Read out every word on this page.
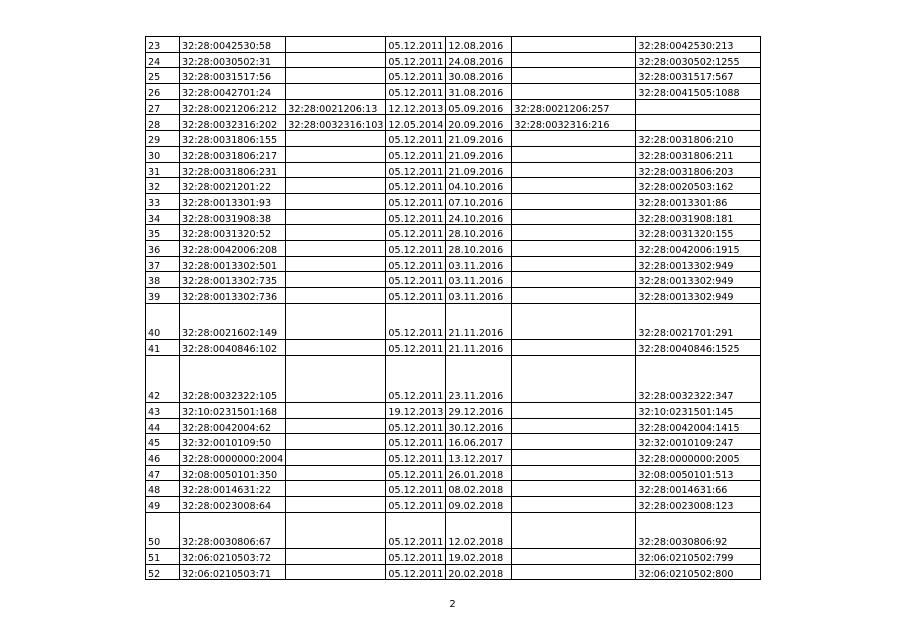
23	32:28:0042530:58		05.12.2011	12.08.2016		32:28:0042530:213
24	32:28:0030502:31		05.12.2011	24.08.2016		32:28:0030502:1255
25	32:28:0031517:56		05.12.2011	30.08.2016		32:28:0031517:567
26	32:28:0042701:24		05.12.2011	31.08.2016		32:28:0041505:1088
27	32:28:0021206:212	32:28:0021206:13	12.12.2013	05.09.2016	32:28:0021206:257	
28	32:28:0032316:202	32:28:0032316:103	12.05.2014	20.09.2016	32:28:0032316:216	
29	32:28:0031806:155		05.12.2011	21.09.2016		32:28:0031806:210
30	32:28:0031806:217		05.12.2011	21.09.2016		32:28:0031806:211
31	32:28:0031806:231		05.12.2011	21.09.2016		32:28:0031806:203
32	32:28:0021201:22		05.12.2011	04.10.2016		32:28:0020503:162
33	32:28:0013301:93		05.12.2011	07.10.2016		32:28:0013301:86
34	32:28:0031908:38		05.12.2011	24.10.2016		32:28:0031908:181
35	32:28:0031320:52		05.12.2011	28.10.2016		32:28:0031320:155
36	32:28:0042006:208		05.12.2011	28.10.2016		32:28:0042006:1915
37	32:28:0013302:501		05.12.2011	03.11.2016		32:28:0013302:949
38	32:28:0013302:735		05.12.2011	03.11.2016		32:28:0013302:949
39	32:28:0013302:736		05.12.2011	03.11.2016		32:28:0013302:949
40	32:28:0021602:149		05.12.2011	21.11.2016		32:28:0021701:291
41	32:28:0040846:102		05.12.2011	21.11.2016		32:28:0040846:1525
42	32:28:0032322:105		05.12.2011	23.11.2016		32:28:0032322:347
43	32:10:0231501:168		19.12.2013	29.12.2016		32:10:0231501:145
44	32:28:0042004:62		05.12.2011	30.12.2016		32:28:0042004:1415
45	32:32:0010109:50		05.12.2011	16.06.2017		32:32:0010109:247
46	32:28:0000000:2004		05.12.2011	13.12.2017		32:28:0000000:2005
47	32:08:0050101:350		05.12.2011	26.01.2018		32:08:0050101:513
48	32:28:0014631:22		05.12.2011	08.02.2018		32:28:0014631:66
49	32:28:0023008:64		05.12.2011	09.02.2018		32:28:0023008:123
50	32:28:0030806:67		05.12.2011	12.02.2018		32:28:0030806:92
51	32:06:0210503:72		05.12.2011	19.02.2018		32:06:0210502:799
52	32:06:0210503:71		05.12.2011	20.02.2018		32:06:0210502:800
2
